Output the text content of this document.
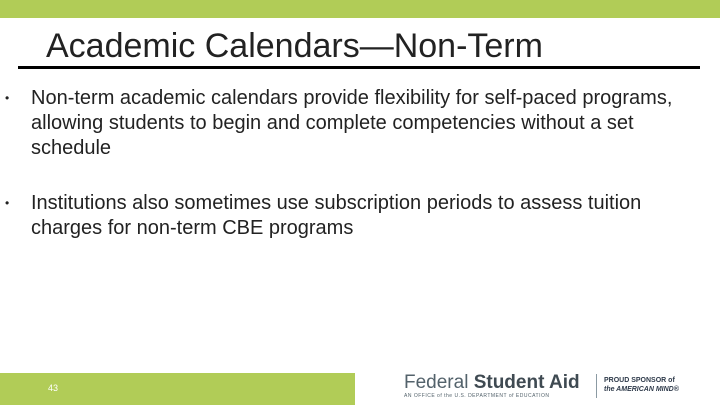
Academic Calendars—Non-Term
• Non-term academic calendars provide flexibility for self-paced programs, allowing students to begin and complete competencies without a set schedule
• Institutions also sometimes use subscription periods to assess tuition charges for non-term CBE programs
43	Federal Student Aid
AN OFFICE of the U.S. DEPARTMENT of EDUCATION
PROUD SPONSOR of
the AMERICAN MIND®
